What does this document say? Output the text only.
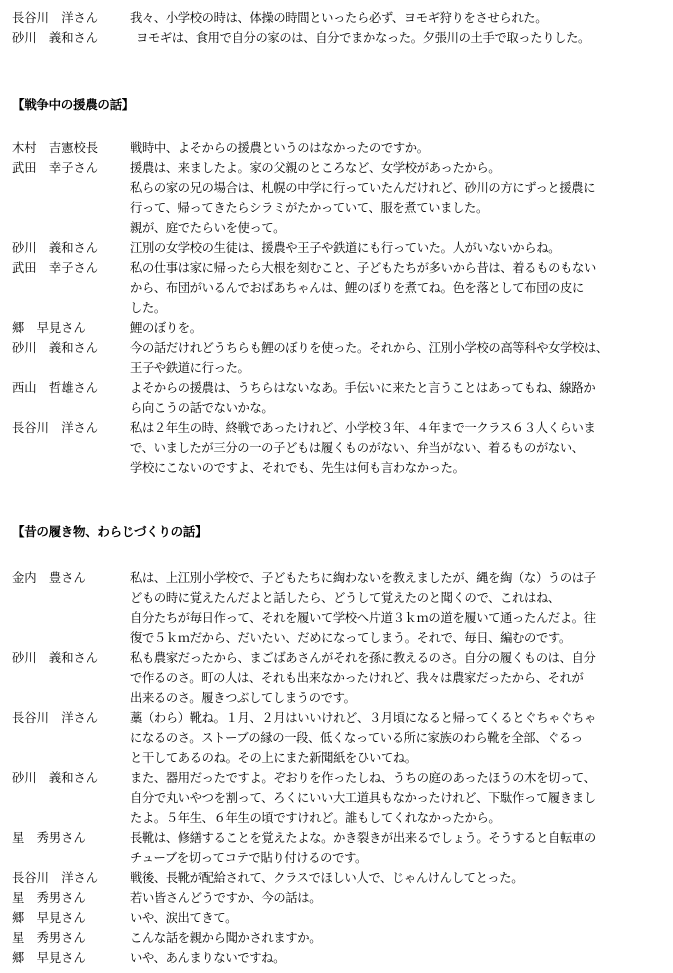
長谷川　洋さん	我々、小学校の時は、体操の時間といったら必ず、ヨモギ狩りをさせられた。
砂川　義和さん	ヨモギは、食用で自分の家のは、自分でまかなった。夕張川の土手で取ったりした。
【戦争中の援農の話】
木村　吉憲校長	戦時中、よそからの援農というのはなかったのですか。
武田　幸子さん	援農は、来ましたよ。家の父親のところなど、女学校があったから。
私らの家の兄の場合は、札幌の中学に行っていたんだけれど、砂川の方にずっと援農に
行って、帰ってきたらシラミがたかっていて、服を煮ていました。
親が、庭でたらいを使って。
砂川　義和さん	江別の女学校の生徒は、援農や王子や鉄道にも行っていた。人がいないからね。
武田　幸子さん	私の仕事は家に帰ったら大根を刻むこと、子どもたちが多いから昔は、着るものもない
から、布団がいるんでおばあちゃんは、鯉のぼりを煮てね。色を落として布団の皮に
した。
郷　早見さん	鯉のぼりを。
砂川　義和さん	今の話だけれどうちらも鯉のぼりを使った。それから、江別小学校の高等科や女学校は、
王子や鉄道に行った。
西山　哲雄さん	よそからの援農は、うちらはないなあ。手伝いに来たと言うことはあってもね、線路か
ら向こうの話でないかな。
長谷川　洋さん	私は２年生の時、終戦であったけれど、小学校３年、４年まで一クラス６３人くらいま
で、いましたが三分の一の子どもは履くものがない、弁当がない、着るものがない、
学校にこないのですよ、それでも、先生は何も言わなかった。
【昔の履き物、わらじづくりの話】
金内　豊さん	私は、上江別小学校で、子どもたちに綯わないを教えましたが、縄を綯（な）うのは子
どもの時に覚えたんだよと話したら、どうして覚えたのと聞くので、これはね、
自分たちが毎日作って、それを履いて学校へ片道３ｋｍの道を履いて通ったんだよ。往
復で５ｋｍだから、だいたい、だめになってしまう。それで、毎日、編むのです。
砂川　義和さん	私も農家だったから、まごばあさんがそれを孫に教えるのさ。自分の履くものは、自分
で作るのさ。町の人は、それも出来なかったけれど、我々は農家だったから、それが
出来るのさ。履きつぶしてしまうのです。
長谷川　洋さん	藁（わら）靴ね。１月、２月はいいけれど、３月頃になると帰ってくるとぐちゃぐちゃ
になるのさ。ストーブの縁の一段、低くなっている所に家族のわら靴を全部、ぐるっ
と干してあるのね。その上にまた新聞紙をひいてね。
砂川　義和さん	また、器用だったですよ。ぞおりを作ったしね、うちの庭のあったほうの木を切って、
自分で丸いやつを割って、ろくにいい大工道具もなかったけれど、下駄作って履きまし
たよ。５年生、６年生の頃ですけれど。誰もしてくれなかったから。
星　秀男さん	長靴は、修繕することを覚えたよな。かき裂きが出来るでしょう。そうすると自転車の
チューブを切ってコテで貼り付けるのです。
長谷川　洋さん	戦後、長靴が配給されて、クラスでほしい人で、じゃんけんしてとった。
星　秀男さん	若い皆さんどうですか、今の話は。
郷　早見さん	いや、涙出てきて。
星　秀男さん	こんな話を親から聞かされますか。
郷　早見さん	いや、あんまりないですね。
